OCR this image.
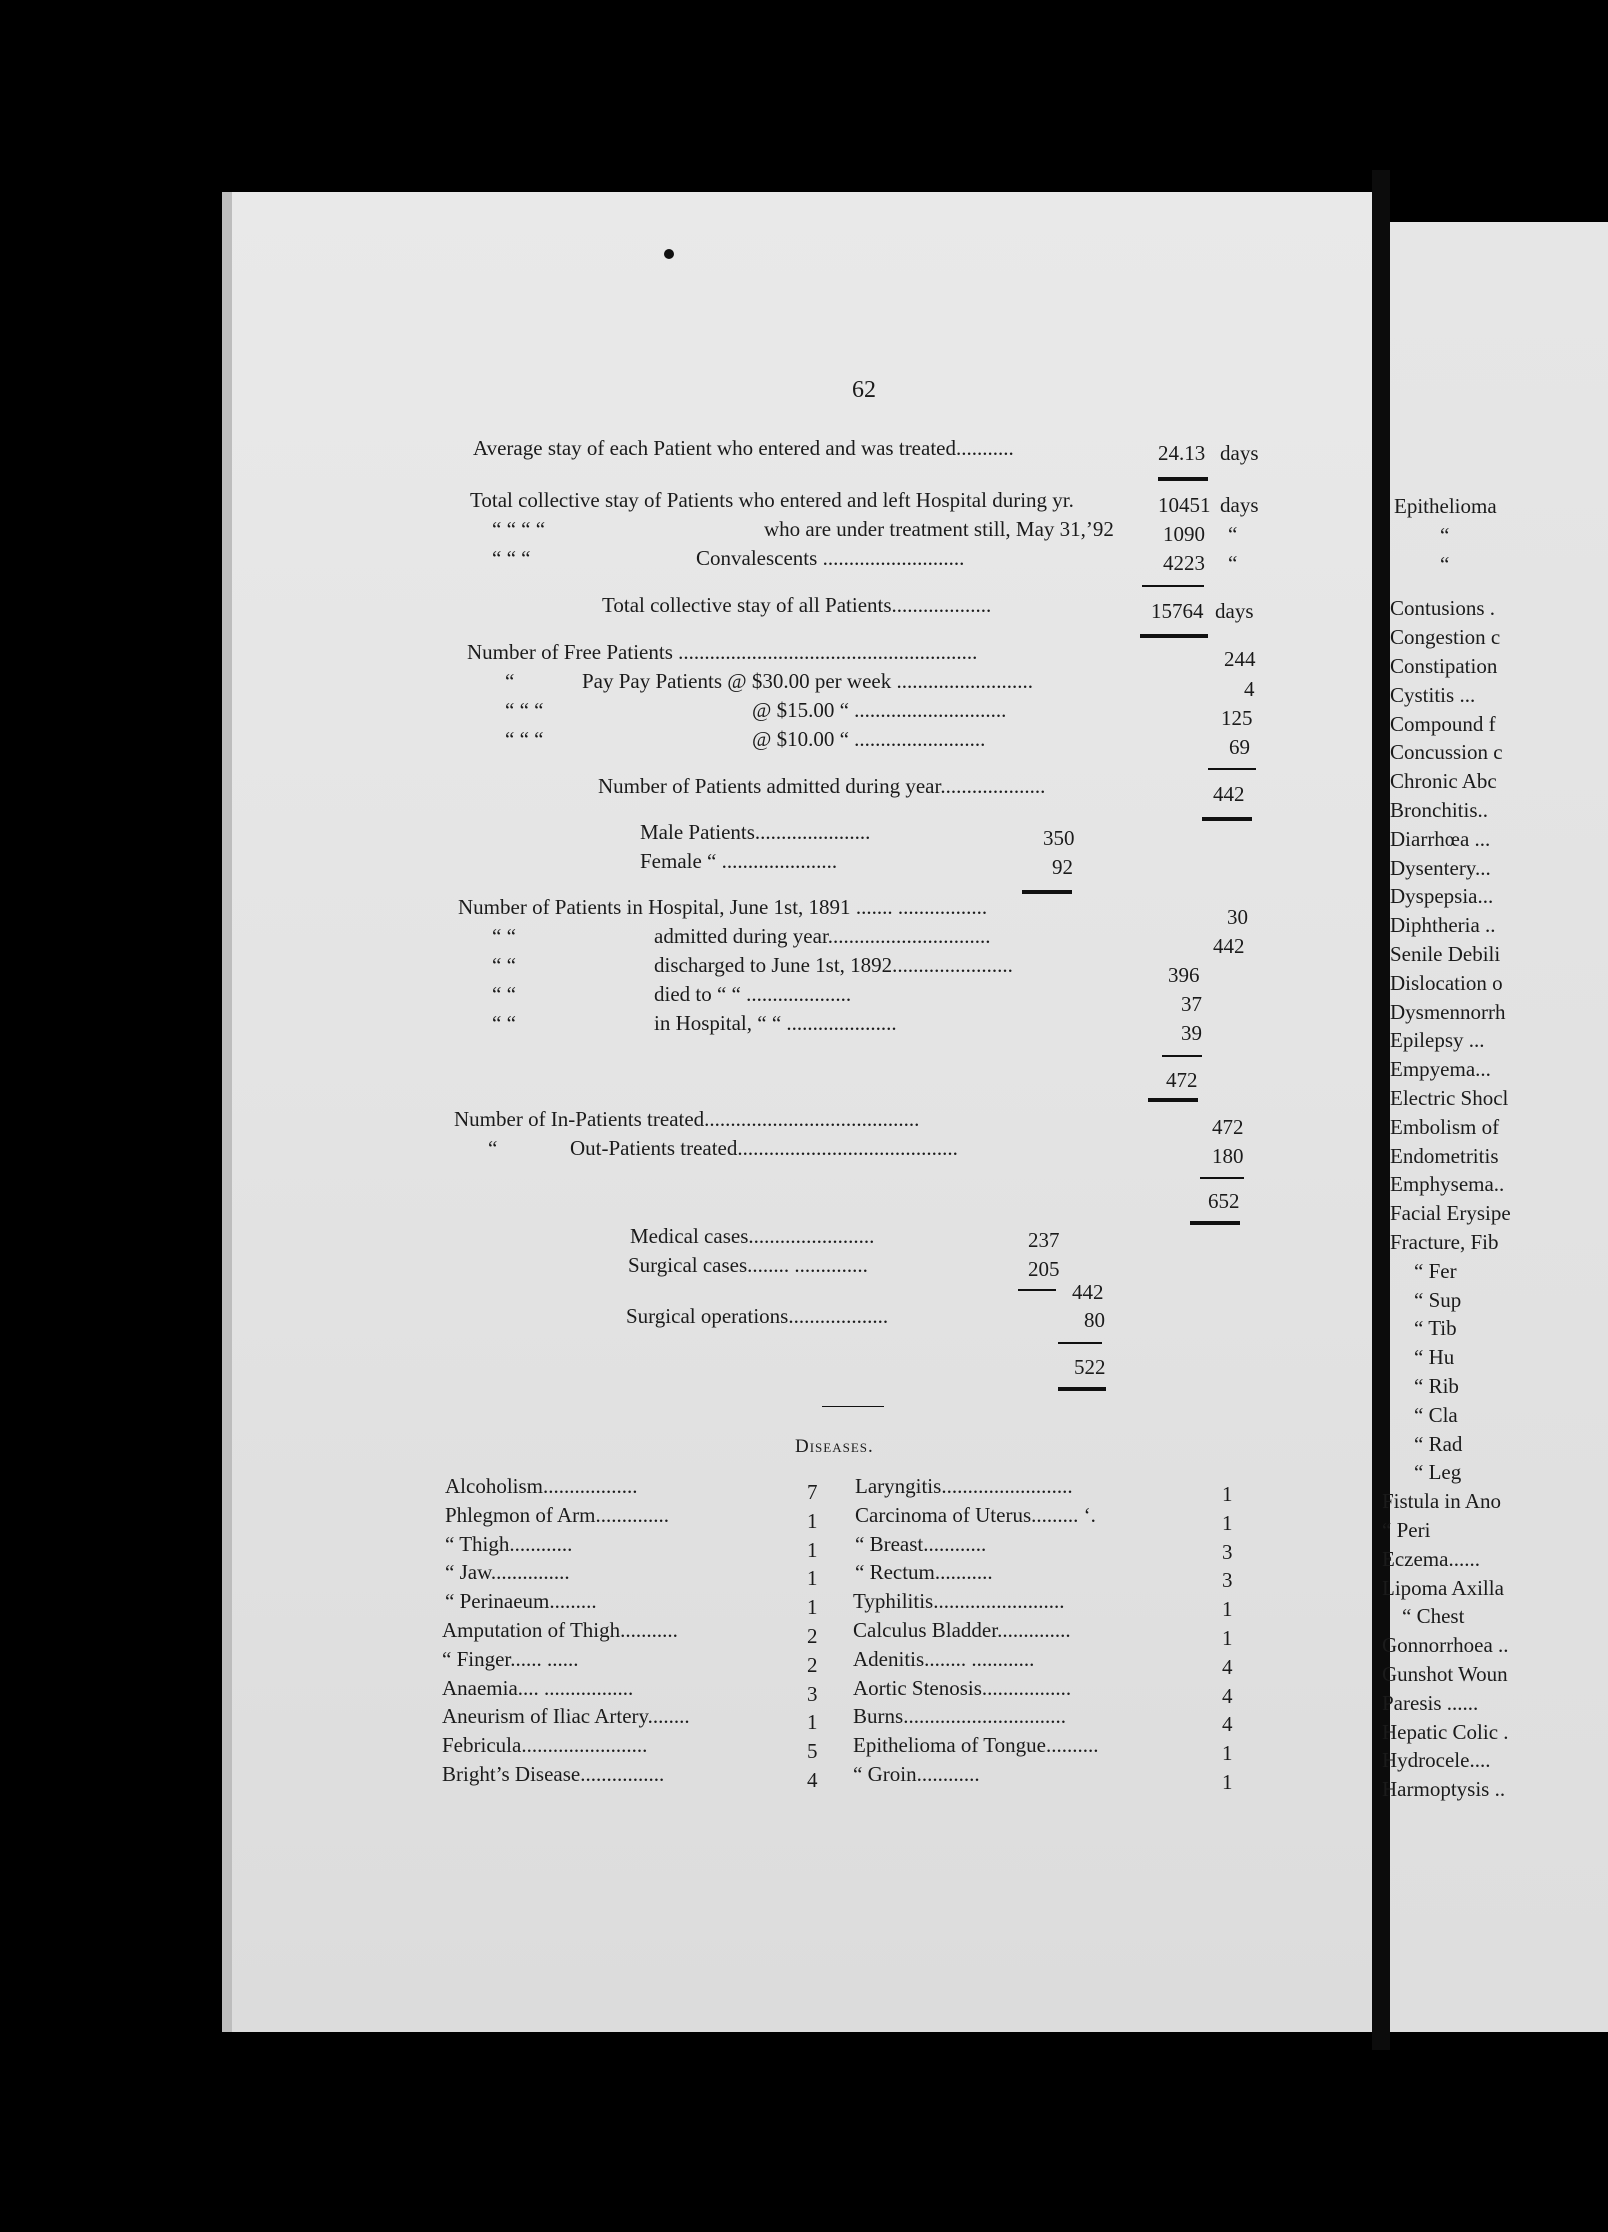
Epithelioma
“
“
Contusions .
Congestion c
Constipation
Cystitis ...
Compound f
Concussion c
Chronic Abc
Bronchitis..
Diarrhœa ...
Dysentery...
Dyspepsia...
Diphtheria ..
Senile Debili
Dislocation o
Dysmennorrh
Epilepsy ...
Empyema...
Electric Shocl
Embolism of
Endometritis
Emphysema..
Facial Erysipe
Fracture, Fib
“ Fer
“ Sup
“ Tib
“ Hu
“ Rib
“ Cla
“ Rad
“ Leg
Fistula in Ano
“ Peri
Eczema......
Lipoma Axilla
“ Chest
Gonnorrhoea ..
Gunshot Woun
Paresis ......
Hepatic Colic .
Hydrocele....
Harmoptysis ..
62
Average stay of each Patient who entered and was treated...........	24.13 days
Total collective stay of Patients who entered and left Hospital during yr.	10451 days
“ “ “ “	who are under treatment still, May 31,’92 1090 “
“ “ “	Convalescents ...........................	4223 “
Total collective stay of all Patients...................	15764 days
Number of Free Patients .........................................................	244
“	Pay Pay Patients @ $30.00 per week ..........................	4
“ “ “	@ $15.00 “ .............................	125
“ “ “	@ $10.00 “ .........................	69
Number of Patients admitted during year....................	442
Male Patients......................	350
Female “ ......................	92
Number of Patients in Hospital, June 1st, 1891 ....... .................	30
“ “	admitted during year...............................	442
“ “	discharged to June 1st, 1892.......................	396
“ “	died to “ “ ....................	37
“ “	in Hospital, “ “ .....................	39
472
Number of In-Patients treated.........................................	472
“	Out-Patients treated..........................................	180
652
Medical cases........................	237
Surgical cases........ ..............	205
442
Surgical operations...................	80
522
Diseases.
Alcoholism..................	7
Phlegmon of Arm..............	1
“ Thigh............	1
“ Jaw...............	1
“ Perinaeum.........	1
Amputation of Thigh...........	2
“ Finger...... ......	2
Anaemia.... .................	3
Aneurism of Iliac Artery........	1
Febricula........................	5
Bright’s Disease................	4
Laryngitis.........................	1
Carcinoma of Uterus......... ‘.	1
“ Breast............	3
“ Rectum...........	3
Typhilitis.........................	1
Calculus Bladder..............	1
Adenitis........ ............	4
Aortic Stenosis.................	4
Burns...............................	4
Epithelioma of Tongue..........	1
“ Groin............	1
